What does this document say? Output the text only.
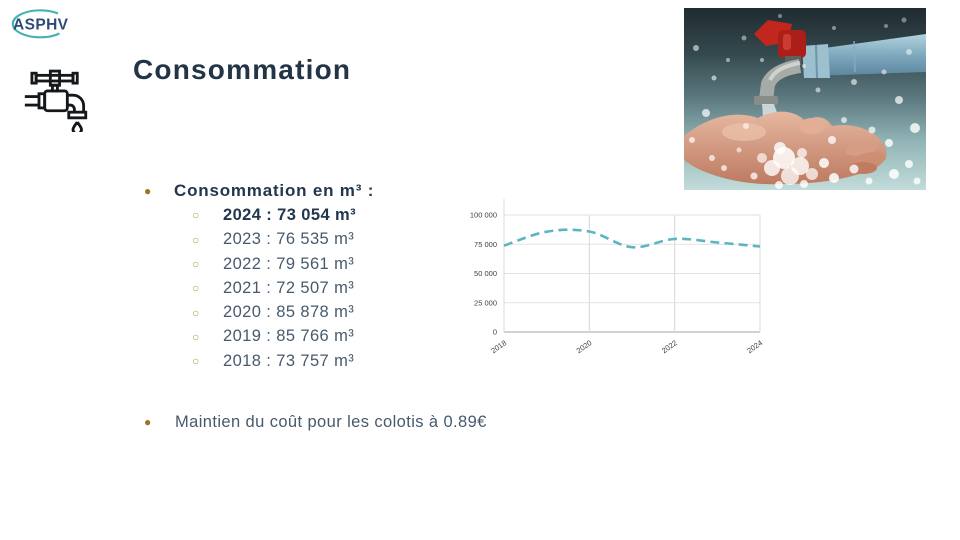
ASPHV
Consommation
●	Consommation en m³ :
○	2024 : 73 054 m³
○	2023 : 76 535 m³
○	2022 : 79 561 m³
○	2021 : 72 507 m³
○	2020 : 85 878 m³
○	2019 : 85 766 m³
○	2018 : 73 757 m³
0
25 000
50 000
75 000
100 000
2018	2020	2022	2024
●	Maintien du coût pour les colotis à 0.89€
